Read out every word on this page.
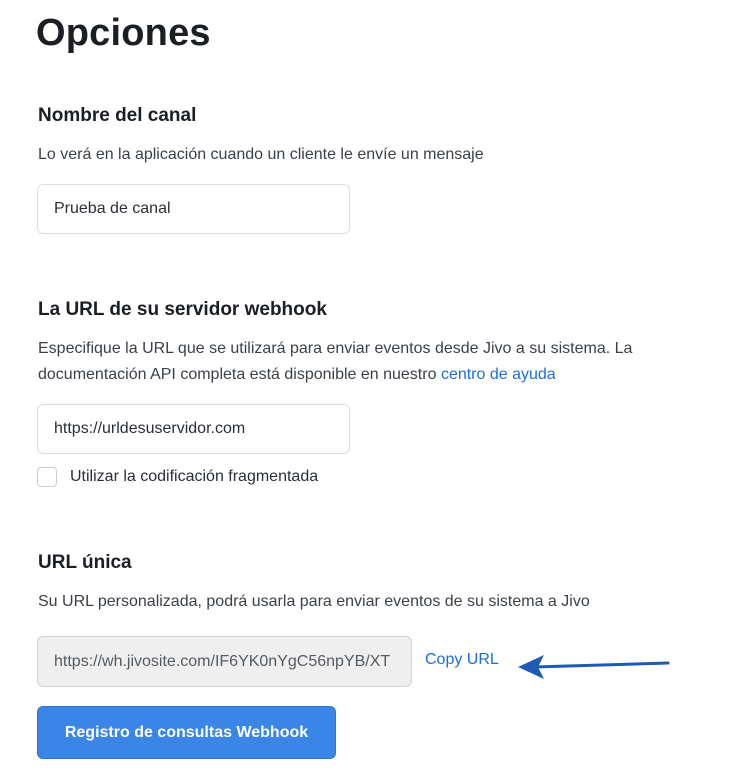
Opciones
Nombre del canal
Lo verá en la aplicación cuando un cliente le envíe un mensaje
Prueba de canal
La URL de su servidor webhook
Especifique la URL que se utilizará para enviar eventos desde Jivo a su sistema. La documentación API completa está disponible en nuestro centro de ayuda
https://urldesuservidor.com
Utilizar la codificación fragmentada
URL única
Su URL personalizada, podrá usarla para enviar eventos de su sistema a Jivo
https://wh.jivosite.com/IF6YK0nYgC56npYB/XT
Copy URL
Registro de consultas Webhook
